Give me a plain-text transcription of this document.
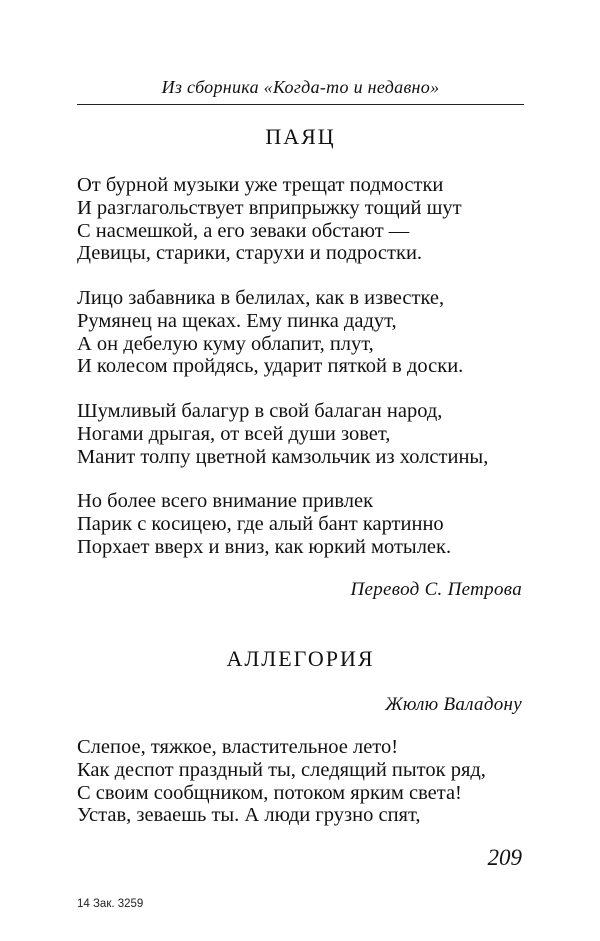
Из сборника «Когда-то и недавно»
ПАЯЦ
От бурной музыки уже трещат подмостки
И разглагольствует вприпрыжку тощий шут
С насмешкой, а его зеваки обстают —
Девицы, старики, старухи и подростки.
Лицо забавника в белилах, как в известке,
Румянец на щеках. Ему пинка дадут,
А он дебелую куму облапит, плут,
И колесом пройдясь, ударит пяткой в доски.
Шумливый балагур в свой балаган народ,
Ногами дрыгая, от всей души зовет,
Манит толпу цветной камзольчик из холстины,
Но более всего внимание привлек
Парик с косицею, где алый бант картинно
Порхает вверх и вниз, как юркий мотылек.
Перевод С. Петрова
АЛЛЕГОРИЯ
Жюлю Валадону
Слепое, тяжкое, властительное лето!
Как деспот праздный ты, следящий пыток ряд,
С своим сообщником, потоком ярким света!
Устав, зеваешь ты. А люди грузно спят,
209
14 Зак. 3259
